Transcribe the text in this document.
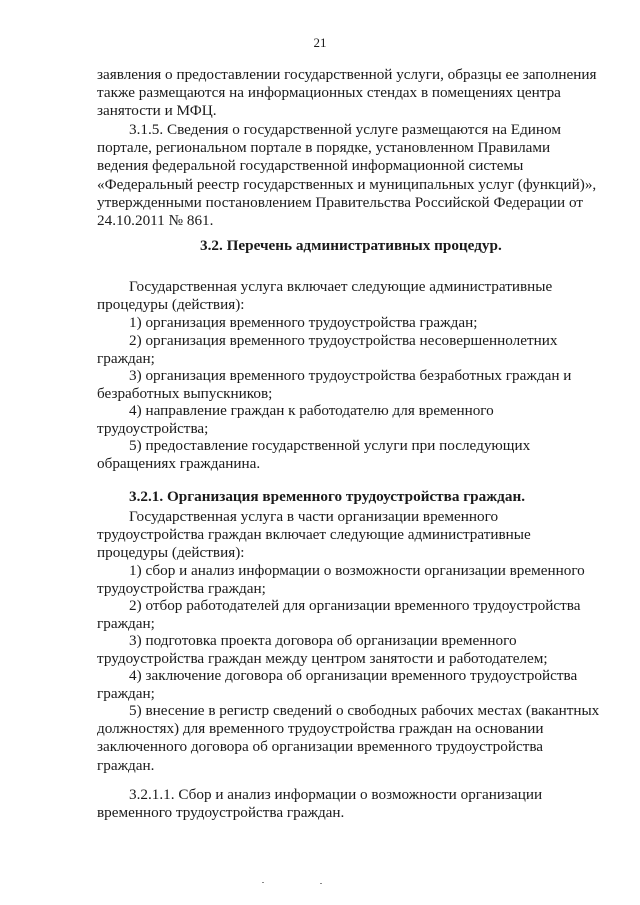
21

заявления о предоставлении государственной услуги, образцы ее заполнения
также размещаются на информационных стендах в помещениях центра
занятости и МФЦ.

3.1.5. Сведения о государственной услуге размещаются на Едином
портале, региональном портале в порядке, установленном Правилами
ведения федеральной государственной информационной системы
«Федеральный реестр государственных и муниципальных услуг (функций)»,
утвержденными постановлением Правительства Российской Федерации от
24.10.2011 № 861.

3.2. Перечень административных процедур.

Государственная услуга включает следующие административные
процедуры (действия):

1) организация временного трудоустройства граждан;

2) организация временного трудоустройства несовершеннолетних
граждан;

3) организация временного трудоустройства безработных граждан и
безработных выпускников;

4) направление граждан к работодателю для временного
трудоустройства;

5) предоставление государственной услуги при последующих
обращениях гражданина.

3.2.1. Организация временного трудоустройства граждан.

Государственная услуга в части организации временного
трудоустройства граждан включает следующие административные
процедуры (действия):

1) сбор и анализ информации о возможности организации временного
трудоустройства граждан;

2) отбор работодателей для организации временного трудоустройства
граждан;

3) подготовка проекта договора об организации временного
трудоустройства граждан между центром занятости и работодателем;

4) заключение договора об организации временного трудоустройства
граждан;

5) внесение в регистр сведений о свободных рабочих местах (вакантных
должностях) для временного трудоустройства граждан на основании
заключенного договора об организации временного трудоустройства
граждан.

3.2.1.1. Сбор и анализ информации о возможности организации
временного трудоустройства граждан.
